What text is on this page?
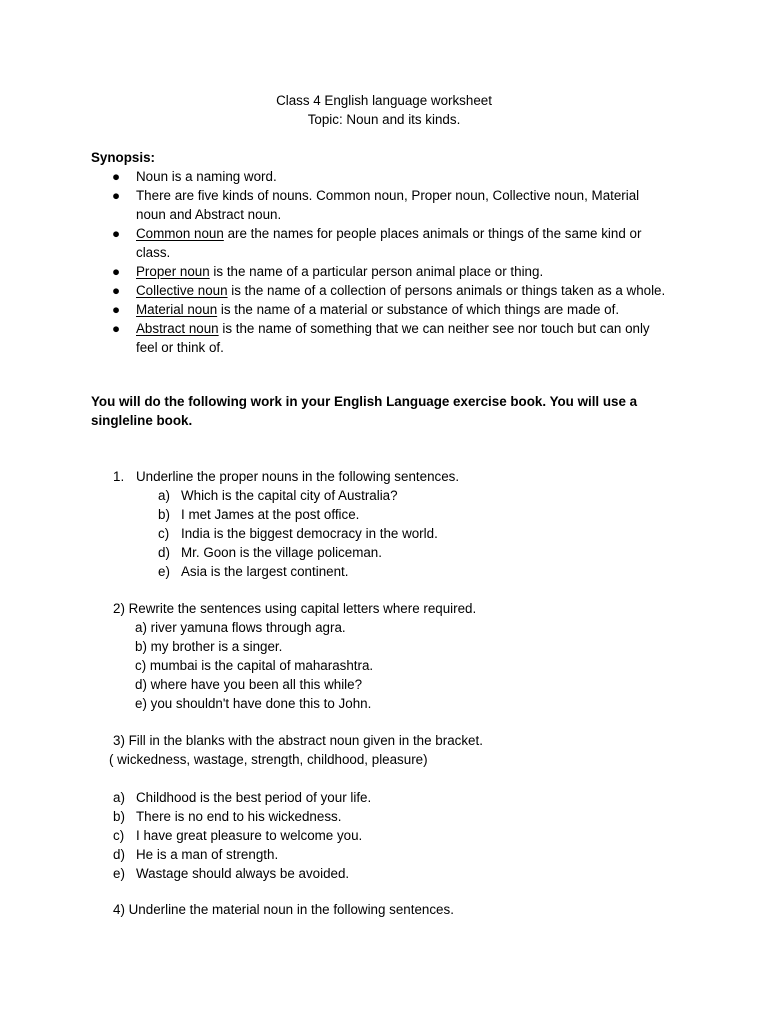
Class 4 English language worksheet
Topic: Noun and its kinds.
Synopsis:
● Noun is a naming word.
● There are five kinds of nouns. Common noun, Proper noun, Collective noun, Material noun and Abstract noun.
● Common noun are the names for people places animals or things of the same kind or class.
● Proper noun is the name of a particular person animal place or thing.
● Collective noun is the name of a collection of persons animals or things taken as a whole.
● Material noun is the name of a material or substance of which things are made of.
● Abstract noun is the name of something that we can neither see nor touch but can only feel or think of.
You will do the following work in your English Language exercise book. You will use a singleline book.
1. Underline the proper nouns in the following sentences.
a) Which is the capital city of Australia?
b) I met James at the post office.
c) India is the biggest democracy in the world.
d) Mr. Goon is the village policeman.
e) Asia is the largest continent.
2) Rewrite the sentences using capital letters where required.
a) river yamuna flows through agra.
b) my brother is a singer.
c) mumbai is the capital of maharashtra.
d) where have you been all this while?
e) you shouldn't have done this to John.
3) Fill in the blanks with the abstract noun given in the bracket.
( wickedness, wastage, strength, childhood, pleasure)
a) Childhood is the best period of your life.
b) There is no end to his wickedness.
c) I have great pleasure to welcome you.
d) He is a man of strength.
e) Wastage should always be avoided.
4) Underline the material noun in the following sentences.
